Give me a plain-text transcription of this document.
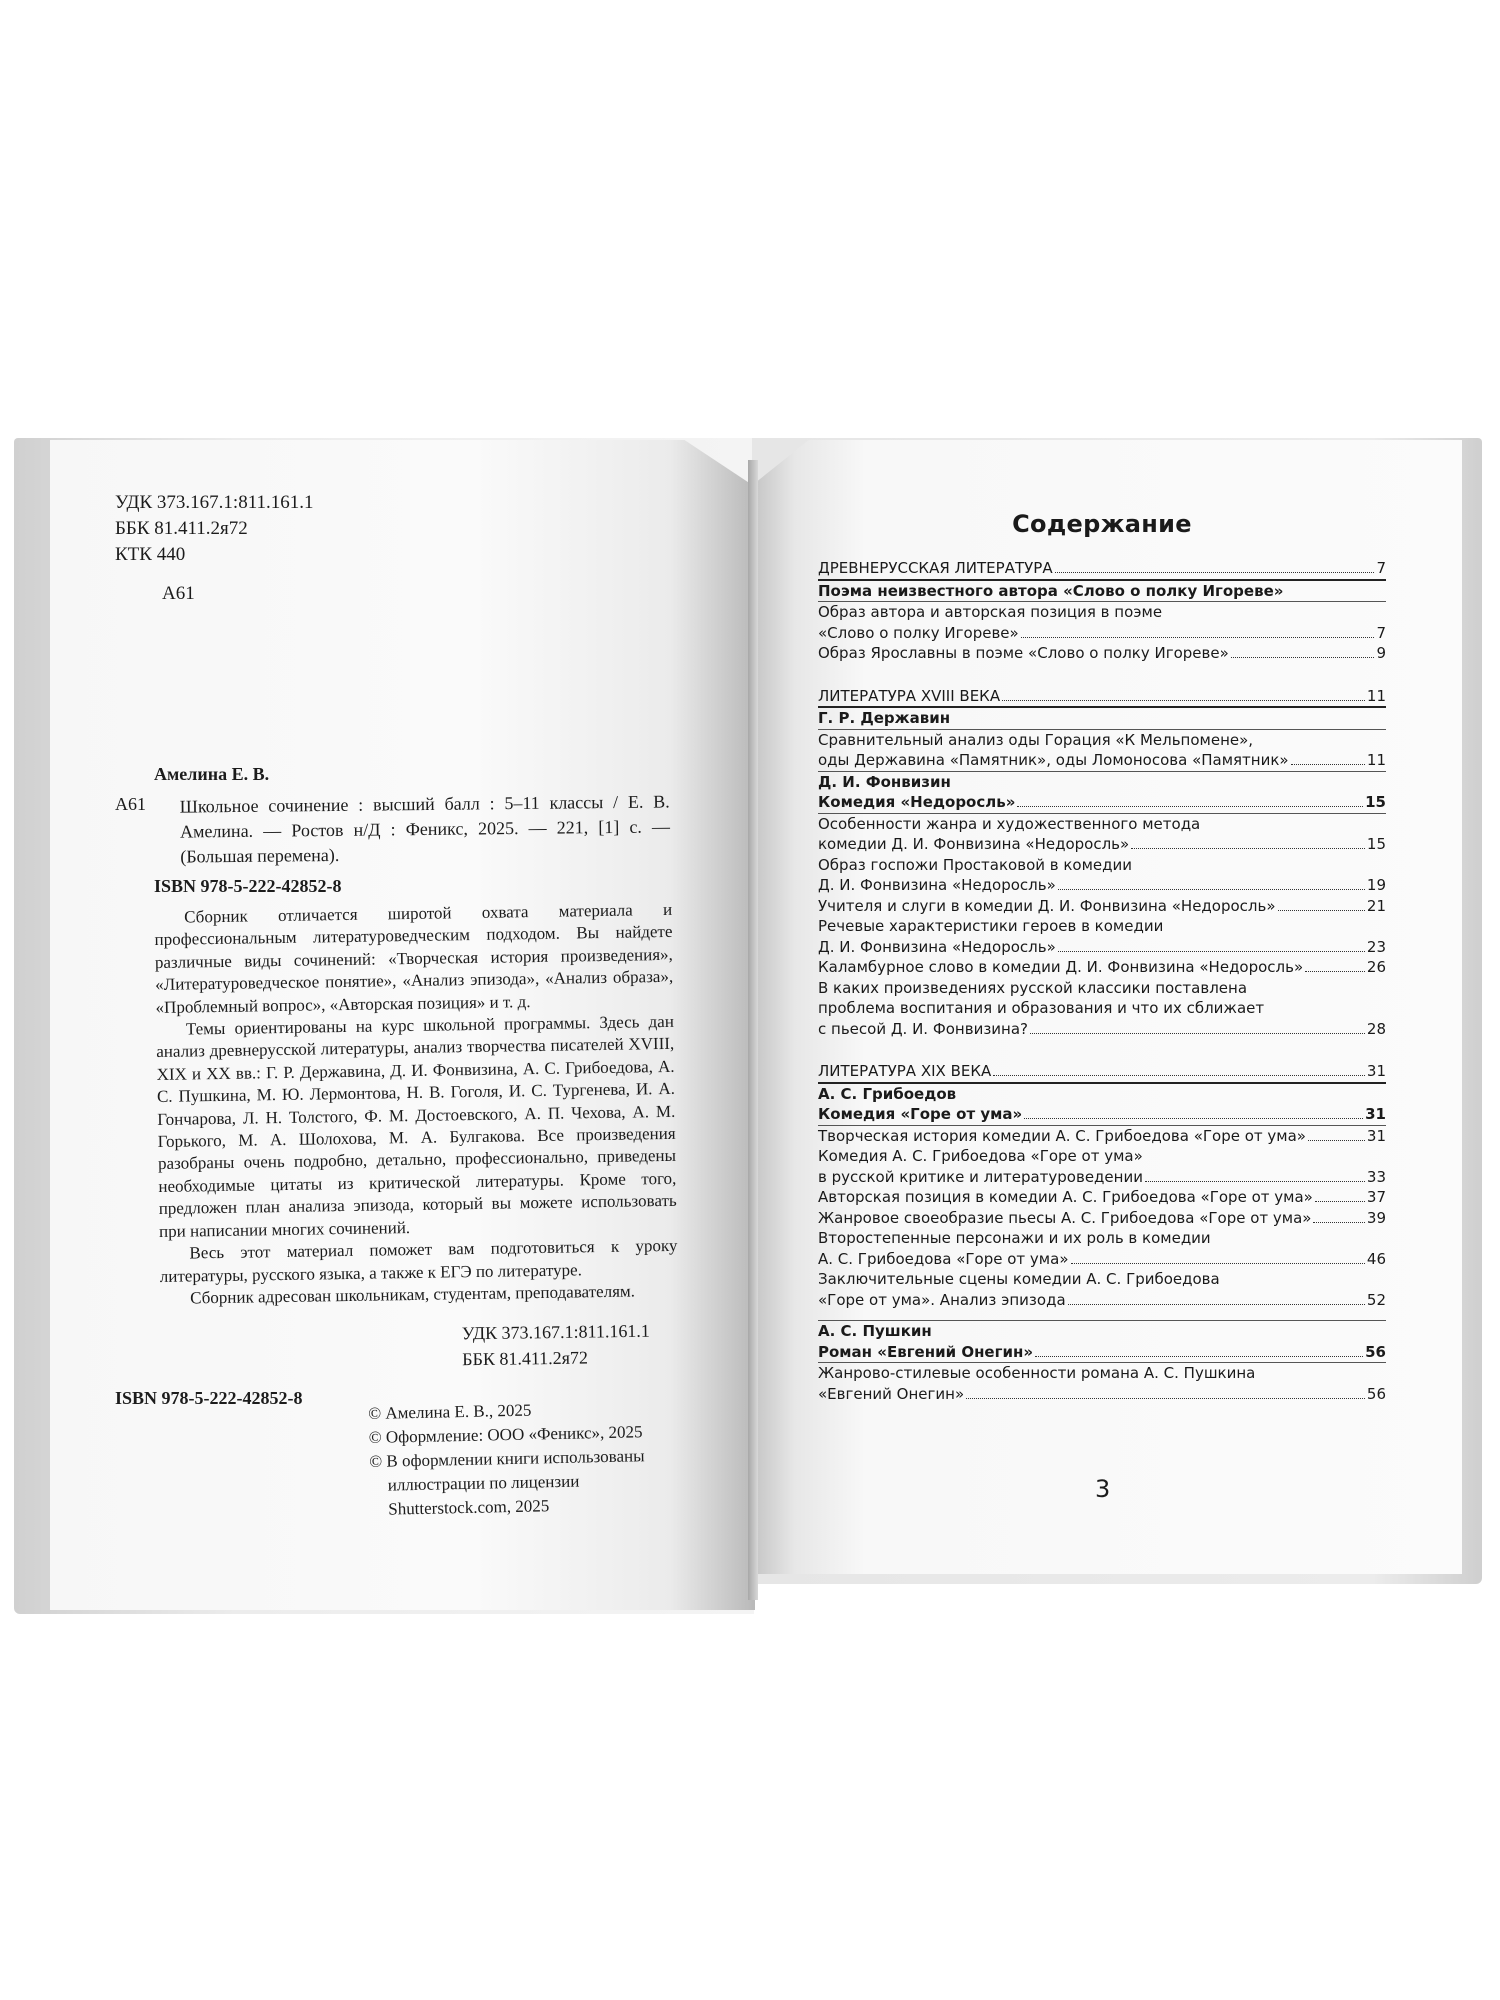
УДК 373.167.1:811.161.1
ББК 81.411.2я72
КТК 440
А61
Амелина Е. В.
А61 Школьное сочинение : высший балл : 5–11 классы / Е. В. Амелина. — Ростов н/Д : Феникс, 2025. — 221, [1] с. — (Большая перемена).
ISBN 978-5-222-42852-8

Сборник отличается широтой охвата материала и профессиональным литературоведческим подходом. Вы найдете различные виды сочинений: «Творческая история произведения», «Литературоведческое понятие», «Анализ эпизода», «Анализ образа», «Проблемный вопрос», «Авторская позиция» и т. д.

Темы ориентированы на курс школьной программы. Здесь дан анализ древнерусской литературы, анализ творчества писателей XVIII, XIX и XX вв.: Г. Р. Державина, Д. И. Фонвизина, А. С. Грибоедова, А. С. Пушкина, М. Ю. Лермонтова, Н. В. Гоголя, И. С. Тургенева, И. А. Гончарова, Л. Н. Толстого, Ф. М. Достоевского, А. П. Чехова, А. М. Горького, М. А. Шолохова, М. А. Булгакова. Все произведения разобраны очень подробно, детально, профессионально, приведены необходимые цитаты из критической литературы. Кроме того, предложен план анализа эпизода, который вы можете использовать при написании многих сочинений.

Весь этот материал поможет вам подготовиться к уроку литературы, русского языка, а также к ЕГЭ по литературе.

Сборник адресован школьникам, студентам, преподавателям.

УДК 373.167.1:811.161.1
ББК 81.411.2я72
ISBN 978-5-222-42852-8
© Амелина Е. В., 2025
© Оформление: ООО «Феникс», 2025
© В оформлении книги использованы
иллюстрации по лицензии
Shutterstock.com, 2025
Содержание
ДРЕВНЕРУССКАЯ ЛИТЕРАТУРА	7
Поэма неизвестного автора «Слово о полку Игореве»
Образ автора и авторская позиция в поэме
«Слово о полку Игореве»	7
Образ Ярославны в поэме «Слово о полку Игореве»	9
ЛИТЕРАТУРА XVIII ВЕКА	11
Г. Р. Державин
Сравнительный анализ оды Горация «К Мельпомене»,
оды Державина «Памятник», оды Ломоносова «Памятник»	11
Д. И. Фонвизин
Комедия «Недоросль»	15
Особенности жанра и художественного метода
комедии Д. И. Фонвизина «Недоросль»	15
Образ госпожи Простаковой в комедии
Д. И. Фонвизина «Недоросль»	19
Учителя и слуги в комедии Д. И. Фонвизина «Недоросль»	21
Речевые характеристики героев в комедии
Д. И. Фонвизина «Недоросль»	23
Каламбурное слово в комедии Д. И. Фонвизина «Недоросль»	26
В каких произведениях русской классики поставлена
проблема воспитания и образования и что их сближает
с пьесой Д. И. Фонвизина?	28
ЛИТЕРАТУРА XIX ВЕКА	31
А. С. Грибоедов
Комедия «Горе от ума»	31
Творческая история комедии А. С. Грибоедова «Горе от ума»	31
Комедия А. С. Грибоедова «Горе от ума»
в русской критике и литературоведении	33
Авторская позиция в комедии А. С. Грибоедова «Горе от ума»	37
Жанровое своеобразие пьесы А. С. Грибоедова «Горе от ума»	39
Второстепенные персонажи и их роль в комедии
А. С. Грибоедова «Горе от ума»	46
Заключительные сцены комедии А. С. Грибоедова
«Горе от ума». Анализ эпизода	52
А. С. Пушкин
Роман «Евгений Онегин»	56
Жанрово-стилевые особенности романа А. С. Пушкина
«Евгений Онегин»	56
3
